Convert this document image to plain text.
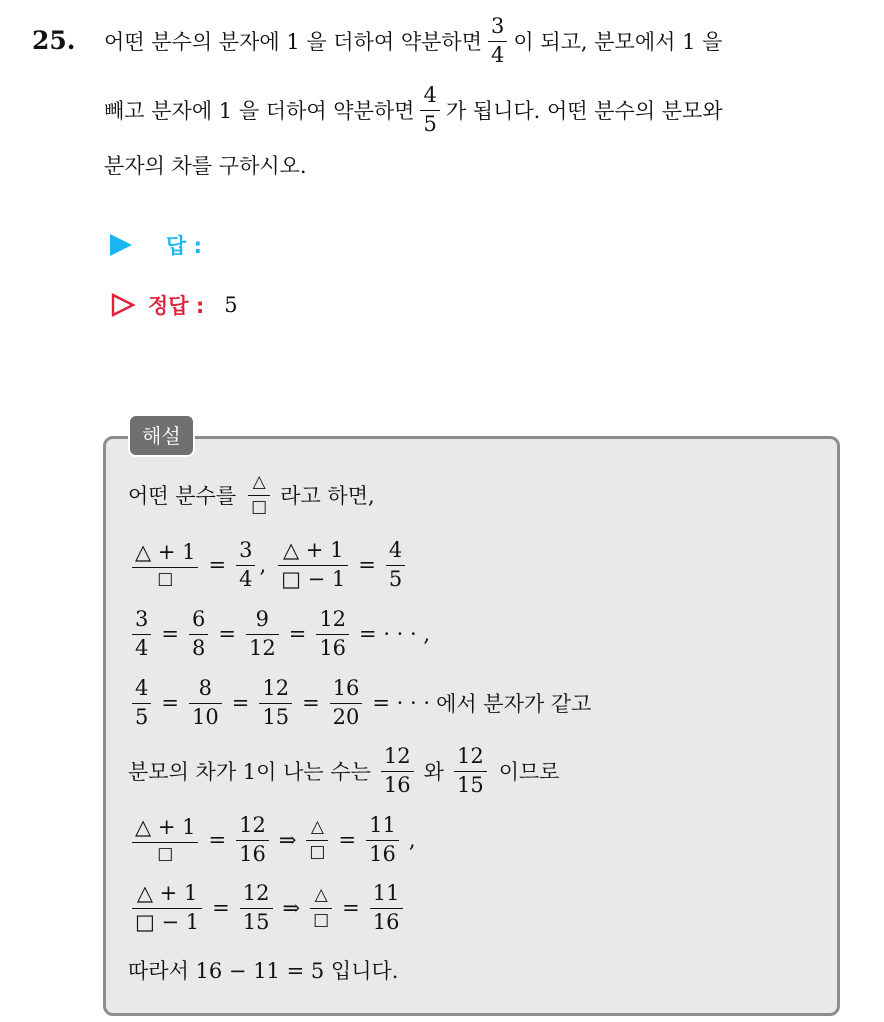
25. 어떤 분수의 분자에 1 을 더하여 약분하면 $\frac{3}{4}$ 이 되고, 분모에서 1 을
빼고 분자에 1 을 더하여 약분하면 $\frac{4}{5}$ 가 됩니다. 어떤 분수의 분모와
분자의 차를 구하시오.
답 :
정답 : 5
해설
어떤 분수를 $\frac{\triangle}{□}$ 라고 하면,
$\frac{\triangle + 1}{□} = \frac{3}{4}$ , $\frac{\triangle + 1}{□ - 1} = \frac{4}{5}$
$\frac{3}{4} = \frac{6}{8} = \frac{9}{12} = \frac{12}{16}$ = · · · ,
$\frac{4}{5} = \frac{8}{10} = \frac{12}{15} = \frac{16}{20}$ = · · · 에서 분자가 같고
분모의 차가 1이 나는 수는 $\frac{12}{16}$ 와 $\frac{12}{15}$ 이므로
$\frac{\triangle + 1}{□} = \frac{12}{16}$ ⇒ $\frac{\triangle}{□} = \frac{11}{16}$ ,
$\frac{\triangle + 1}{□ - 1} = \frac{12}{15}$ ⇒ $\frac{\triangle}{□} = \frac{11}{16}$
따라서 16 − 11 = 5 입니다.
